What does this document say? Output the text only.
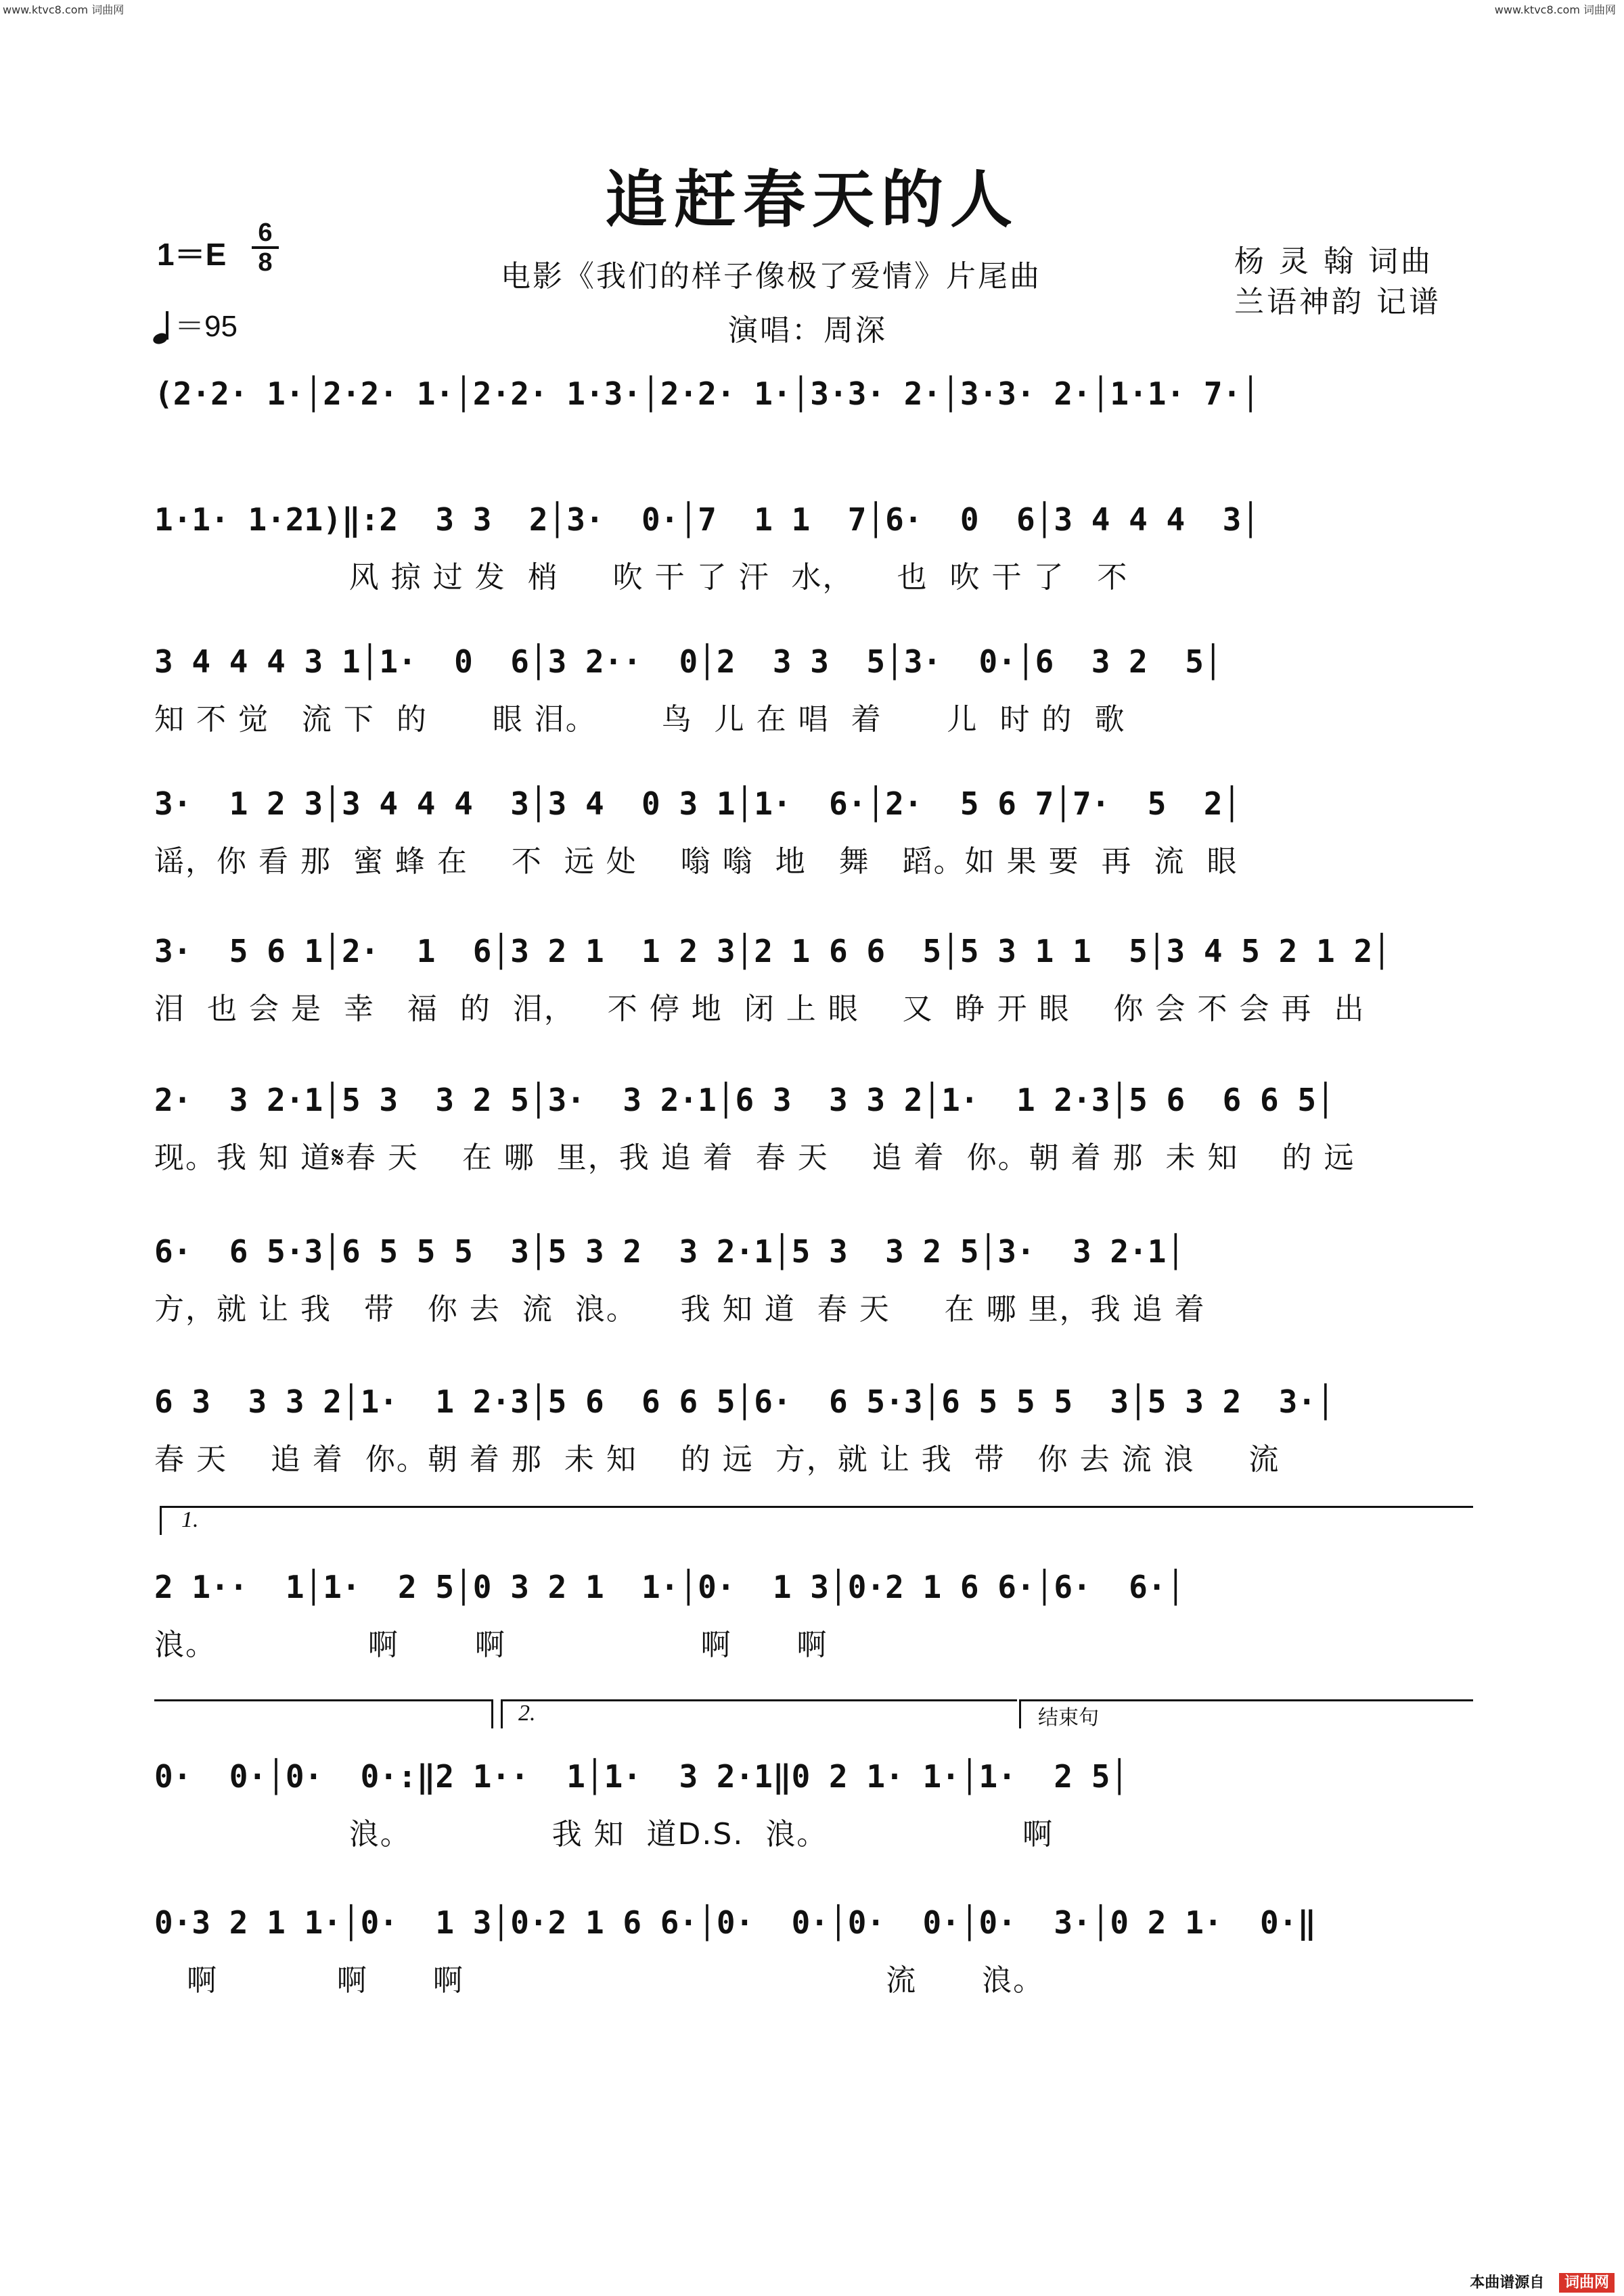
www.ktvc8.com 词曲网	www.ktvc8.com 词曲网
追赶春天的人
1＝E
6
8
＝95
电影《我们的样子像极了爱情》片尾曲
演唱：周深
杨 灵 翰 词曲
兰语神韵 记谱
(2·2· 1·│2·2· 1·│2·2· 1·3·│2·2· 1·│3·3· 2·│3·3· 2·│1·1· 7·│
1·1· 1·21)‖:2  3 3  2│3·  0·│7  1 1  7│6·  0  6│3 4 4 4  3│
风 掠 过 发  梢     吹 干 了 汗  水，    也  吹 干 了   不
3 4 4 4 3 1│1·  0  6│3 2··  0│2  3 3  5│3·  0·│6  3 2  5│
知 不 觉   流 下  的      眼 泪。      鸟  儿 在 唱  着      儿  时 的  歌
3·  1 2 3│3 4 4 4  3│3 4  0 3 1│1·  6·│2·  5 6 7│7·  5  2│
谣，你 看 那  蜜 蜂 在    不  远 处    嗡 嗡  地   舞   蹈。如 果 要  再  流  眼
3·  5 6 1│2·  1  6│3 2 1  1 2 3│2 1 6 6  5│5 3 1 1  5│3 4 5 2 1 2│
泪  也 会 是  幸   福  的  泪，   不 停 地  闭 上 眼    又  睁 开 眼    你 会 不 会 再  出
2·  3 2·1│5 3  3 2 5│3·  3 2·1│6 3  3 3 2│1·  1 2·3│5 6  6 6 5│
现。我 知 道𝄋春 天    在 哪  里，我 追 着  春 天    追 着  你。朝 着 那  未 知    的 远
6·  6 5·3│6 5 5 5  3│5 3 2  3 2·1│5 3  3 2 5│3·  3 2·1│
方，就 让 我   带   你 去  流  浪。    我 知 道  春 天     在 哪 里，我 追 着
6 3  3 3 2│1·  1 2·3│5 6  6 6 5│6·  6 5·3│6 5 5 5  3│5 3 2  3·│
春 天    追 着  你。朝 着 那  未 知    的 远  方，就 让 我  带   你 去 流 浪     流
1.
2 1··  1│1·  2 5│0 3 2 1  1·│0·  1 3│0·2 1 6 6·│6·  6·│
浪。              啊       啊                  啊      啊
2.	结束句
0·  0·│0·  0·:‖2 1··  1│1·  3 2·1‖0 2 1· 1·│1·  2 5│
浪。             我 知  道D.S.  浪。                  啊
0·3 2 1 1·│0·  1 3│0·2 1 6 6·│0·  0·│0·  0·│0·  3·│0 2 1·  0·‖
啊           啊      啊                                       流      浪。
本曲谱源自 词曲网
